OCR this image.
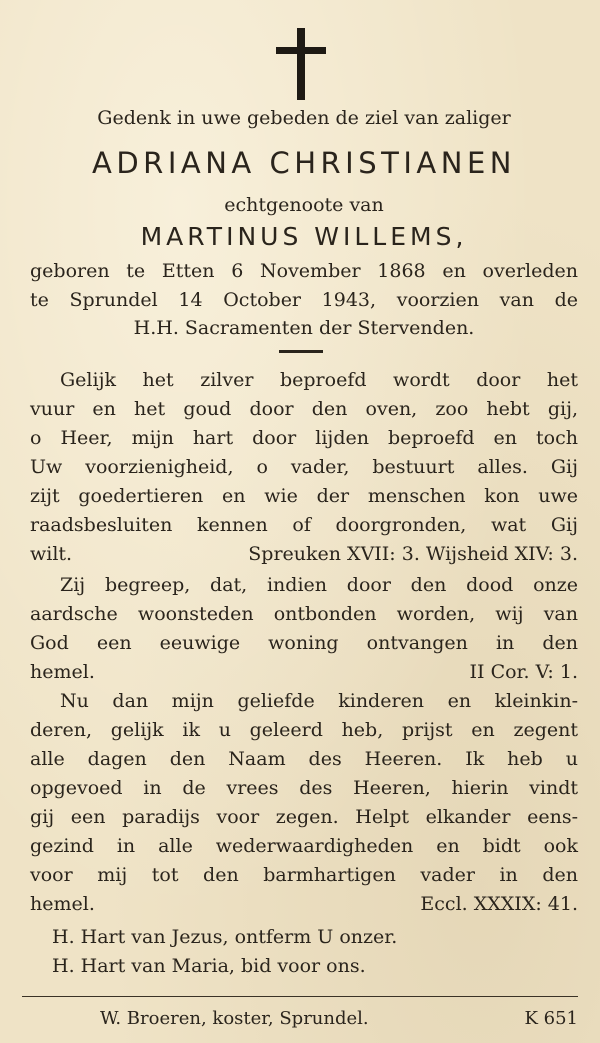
Gedenk in uwe gebeden de ziel van zaliger
ADRIANA CHRISTIANEN
echtgenoote van
MARTINUS WILLEMS,
geboren te Etten 6 November 1868 en overleden
te Sprundel 14 October 1943, voorzien van de
H.H. Sacramenten der Stervenden.
Gelijk het zilver beproefd wordt door het
vuur en het goud door den oven, zoo hebt gij,
o Heer, mijn hart door lijden beproefd en toch
Uw voorzienigheid, o vader, bestuurt alles. Gij
zijt goedertieren en wie der menschen kon uwe
raadsbesluiten kennen of doorgronden, wat Gij
wilt.	Spreuken XVII: 3. Wijsheid XIV: 3.
Zij begreep, dat, indien door den dood onze
aardsche woonsteden ontbonden worden, wij van
God een eeuwige woning ontvangen in den
hemel.	II Cor. V: 1.
Nu dan mijn geliefde kinderen en kleinkin-
deren, gelijk ik u geleerd heb, prijst en zegent
alle dagen den Naam des Heeren. Ik heb u
opgevoed in de vrees des Heeren, hierin vindt
gij een paradijs voor zegen. Helpt elkander eens-
gezind in alle wederwaardigheden en bidt ook
voor mij tot den barmhartigen vader in den
hemel.	Eccl. XXXIX: 41.
H. Hart van Jezus, ontferm U onzer.
H. Hart van Maria, bid voor ons.
W. Broeren, koster, Sprundel.	K 651
